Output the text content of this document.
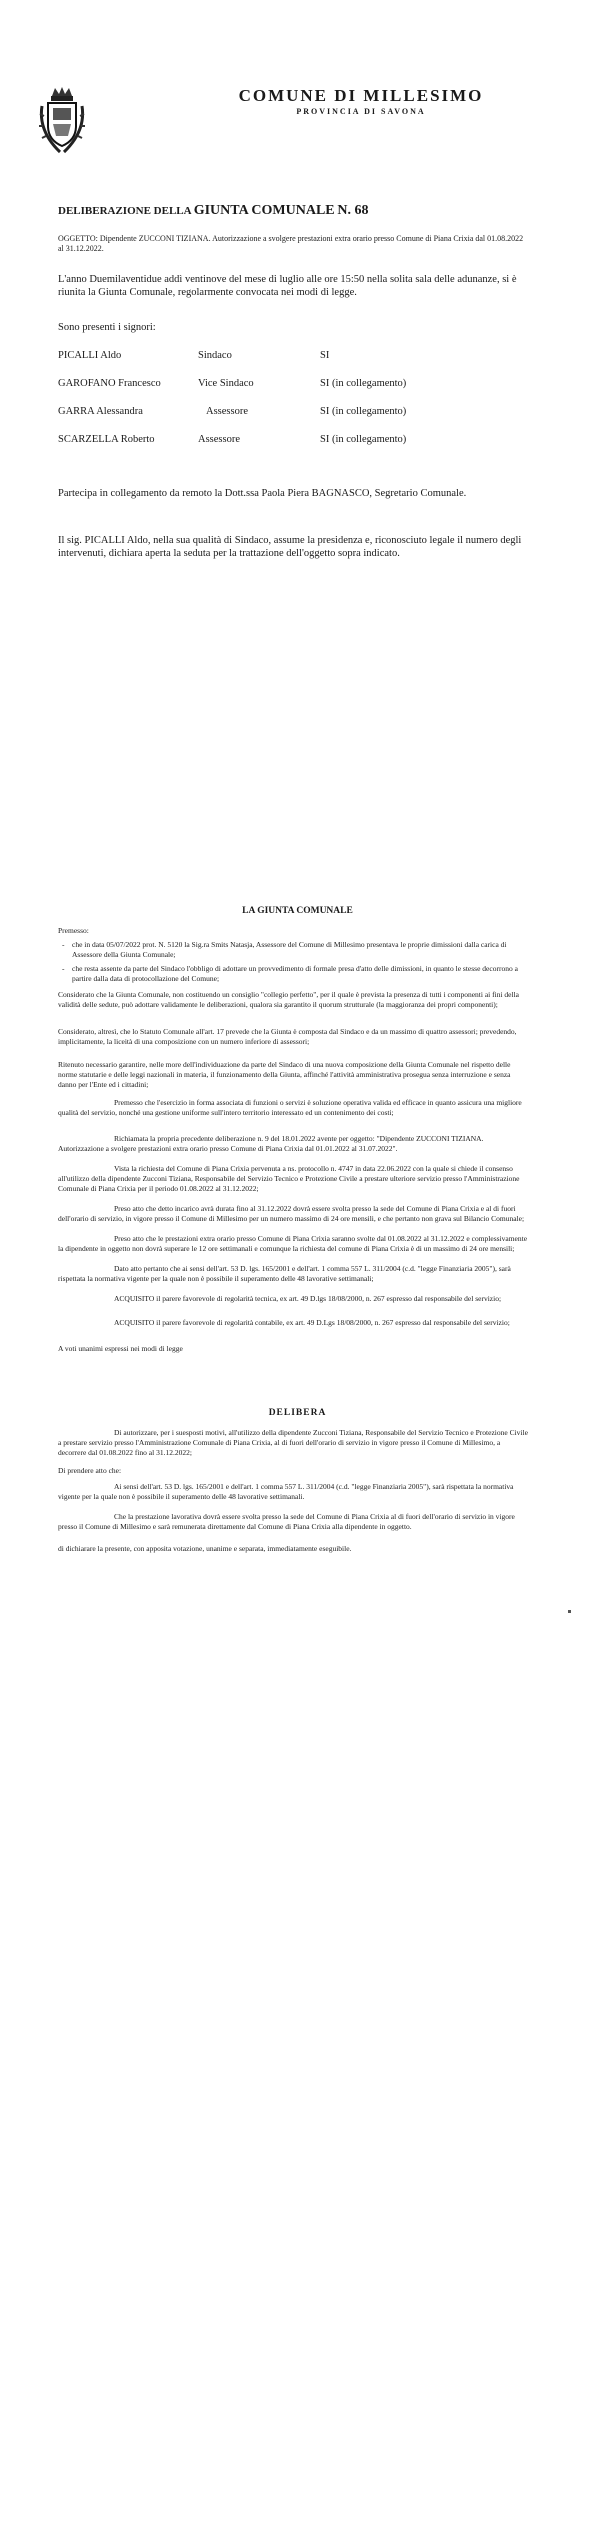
COMUNE DI MILLESIMO
PROVINCIA DI SAVONA
DELIBERAZIONE DELLA GIUNTA COMUNALE N. 68
OGGETTO: Dipendente ZUCCONI TIZIANA. Autorizzazione a svolgere prestazioni extra orario presso Comune di Piana Crixia dal 01.08.2022 al 31.12.2022.
L'anno Duemilaventidue addì ventinove del mese di luglio alle ore 15:50 nella solita sala delle adunanze, si è riunita la Giunta Comunale, regolarmente convocata nei modi di legge.
Sono presenti i signori:
PICALLI Aldo	Sindaco	SI
GAROFANO Francesco	Vice Sindaco	SI (in collegamento)
GARRA Alessandra	Assessore	SI (in collegamento)
SCARZELLA Roberto	Assessore	SI (in collegamento)
Partecipa in collegamento da remoto la Dott.ssa Paola Piera BAGNASCO, Segretario Comunale.
Il sig. PICALLI Aldo, nella sua qualità di Sindaco, assume la presidenza e, riconosciuto legale il numero degli intervenuti, dichiara aperta la seduta per la trattazione dell'oggetto sopra indicato.
LA GIUNTA COMUNALE
Premesso:
- che in data 05/07/2022 prot. N. 5120 la Sig.ra Smits Natasja, Assessore del Comune di Millesimo presentava le proprie dimissioni dalla carica di Assessore della Giunta Comunale;
- che resta assente da parte del Sindaco l'obbligo di adottare un provvedimento di formale presa d'atto delle dimissioni, in quanto le stesse decorrono a partire dalla data di protocollazione del Comune;
Considerato che la Giunta Comunale, non costituendo un consiglio "collegio perfetto", per il quale è prevista la presenza di tutti i componenti ai fini della validità delle sedute, può adottare validamente le deliberazioni, qualora sia garantito il quorum strutturale (la maggioranza dei propri componenti);
Considerato, altresì, che lo Statuto Comunale all'art. 17 prevede che la Giunta è composta dal Sindaco e da un massimo di quattro assessori; prevedendo, implicitamente, la liceità di una composizione con un numero inferiore di assessori;
Ritenuto necessario garantire, nelle more dell'individuazione da parte del Sindaco di una nuova composizione della Giunta Comunale nel rispetto delle norme statutarie e delle leggi nazionali in materia, il funzionamento della Giunta, affinché l'attività amministrativa prosegua senza interruzione e senza danno per l'Ente ed i cittadini;
Premesso che l'esercizio in forma associata di funzioni o servizi è soluzione operativa valida ed efficace in quanto assicura una migliore qualità del servizio, nonché una gestione uniforme sull'intero territorio interessato ed un contenimento dei costi;
Richiamata la propria precedente deliberazione n. 9 del 18.01.2022 avente per oggetto: "Dipendente ZUCCONI TIZIANA. Autorizzazione a svolgere prestazioni extra orario presso Comune di Piana Crixia dal 01.01.2022 al 31.07.2022".
Vista la richiesta del Comune di Piana Crixia pervenuta a ns. protocollo n. 4747 in data 22.06.2022 con la quale si chiede il consenso all'utilizzo della dipendente Zucconi Tiziana, Responsabile del Servizio Tecnico e Protezione Civile a prestare ulteriore servizio presso l'Amministrazione Comunale di Piana Crixia per il periodo 01.08.2022 al 31.12.2022;
Preso atto che detto incarico avrà durata fino al 31.12.2022 dovrà essere svolta presso la sede del Comune di Piana Crixia e al di fuori dell'orario di servizio, in vigore presso il Comune di Millesimo per un numero massimo di 24 ore mensili, e che pertanto non grava sul Bilancio Comunale;
Preso atto che le prestazioni extra orario presso Comune di Piana Crixia saranno svolte dal 01.08.2022 al 31.12.2022 e complessivamente la dipendente in oggetto non dovrà superare le 12 ore settimanali e comunque la richiesta del comune di Piana Crixia è di un massimo di 24 ore mensili;
Dato atto pertanto che ai sensi dell'art. 53 D. lgs. 165/2001 e dell'art. 1 comma 557 L. 311/2004 (c.d. "legge Finanziaria 2005"), sarà rispettata la normativa vigente per la quale non è possibile il superamento delle 48 lavorative settimanali;
ACQUISITO il parere favorevole di regolarità tecnica, ex art. 49 D.lgs 18/08/2000, n. 267 espresso dal responsabile del servizio;
ACQUISITO il parere favorevole di regolarità contabile, ex art. 49 D.Lgs 18/08/2000, n. 267 espresso dal responsabile del servizio;
A voti unanimi espressi nei modi di legge
DELIBERA
Di autorizzare, per i suesposti motivi, all'utilizzo della dipendente Zucconi Tiziana, Responsabile del Servizio Tecnico e Protezione Civile a prestare servizio presso l'Amministrazione Comunale di Piana Crixia, al di fuori dell'orario di servizio in vigore presso il Comune di Millesimo, a decorrere dal 01.08.2022 fino al 31.12.2022;
Di prendere atto che:
Ai sensi dell'art. 53 D. lgs. 165/2001 e dell'art. 1 comma 557 L. 311/2004 (c.d. "legge Finanziaria 2005"), sarà rispettata la normativa vigente per la quale non è possibile il superamento delle 48 lavorative settimanali.
Che la prestazione lavorativa dovrà essere svolta presso la sede del Comune di Piana Crixia al di fuori dell'orario di servizio in vigore presso il Comune di Millesimo e sarà remunerata direttamente dal Comune di Piana Crixia alla dipendente in oggetto.
di dichiarare la presente, con apposita votazione, unanime e separata, immediatamente eseguibile.
